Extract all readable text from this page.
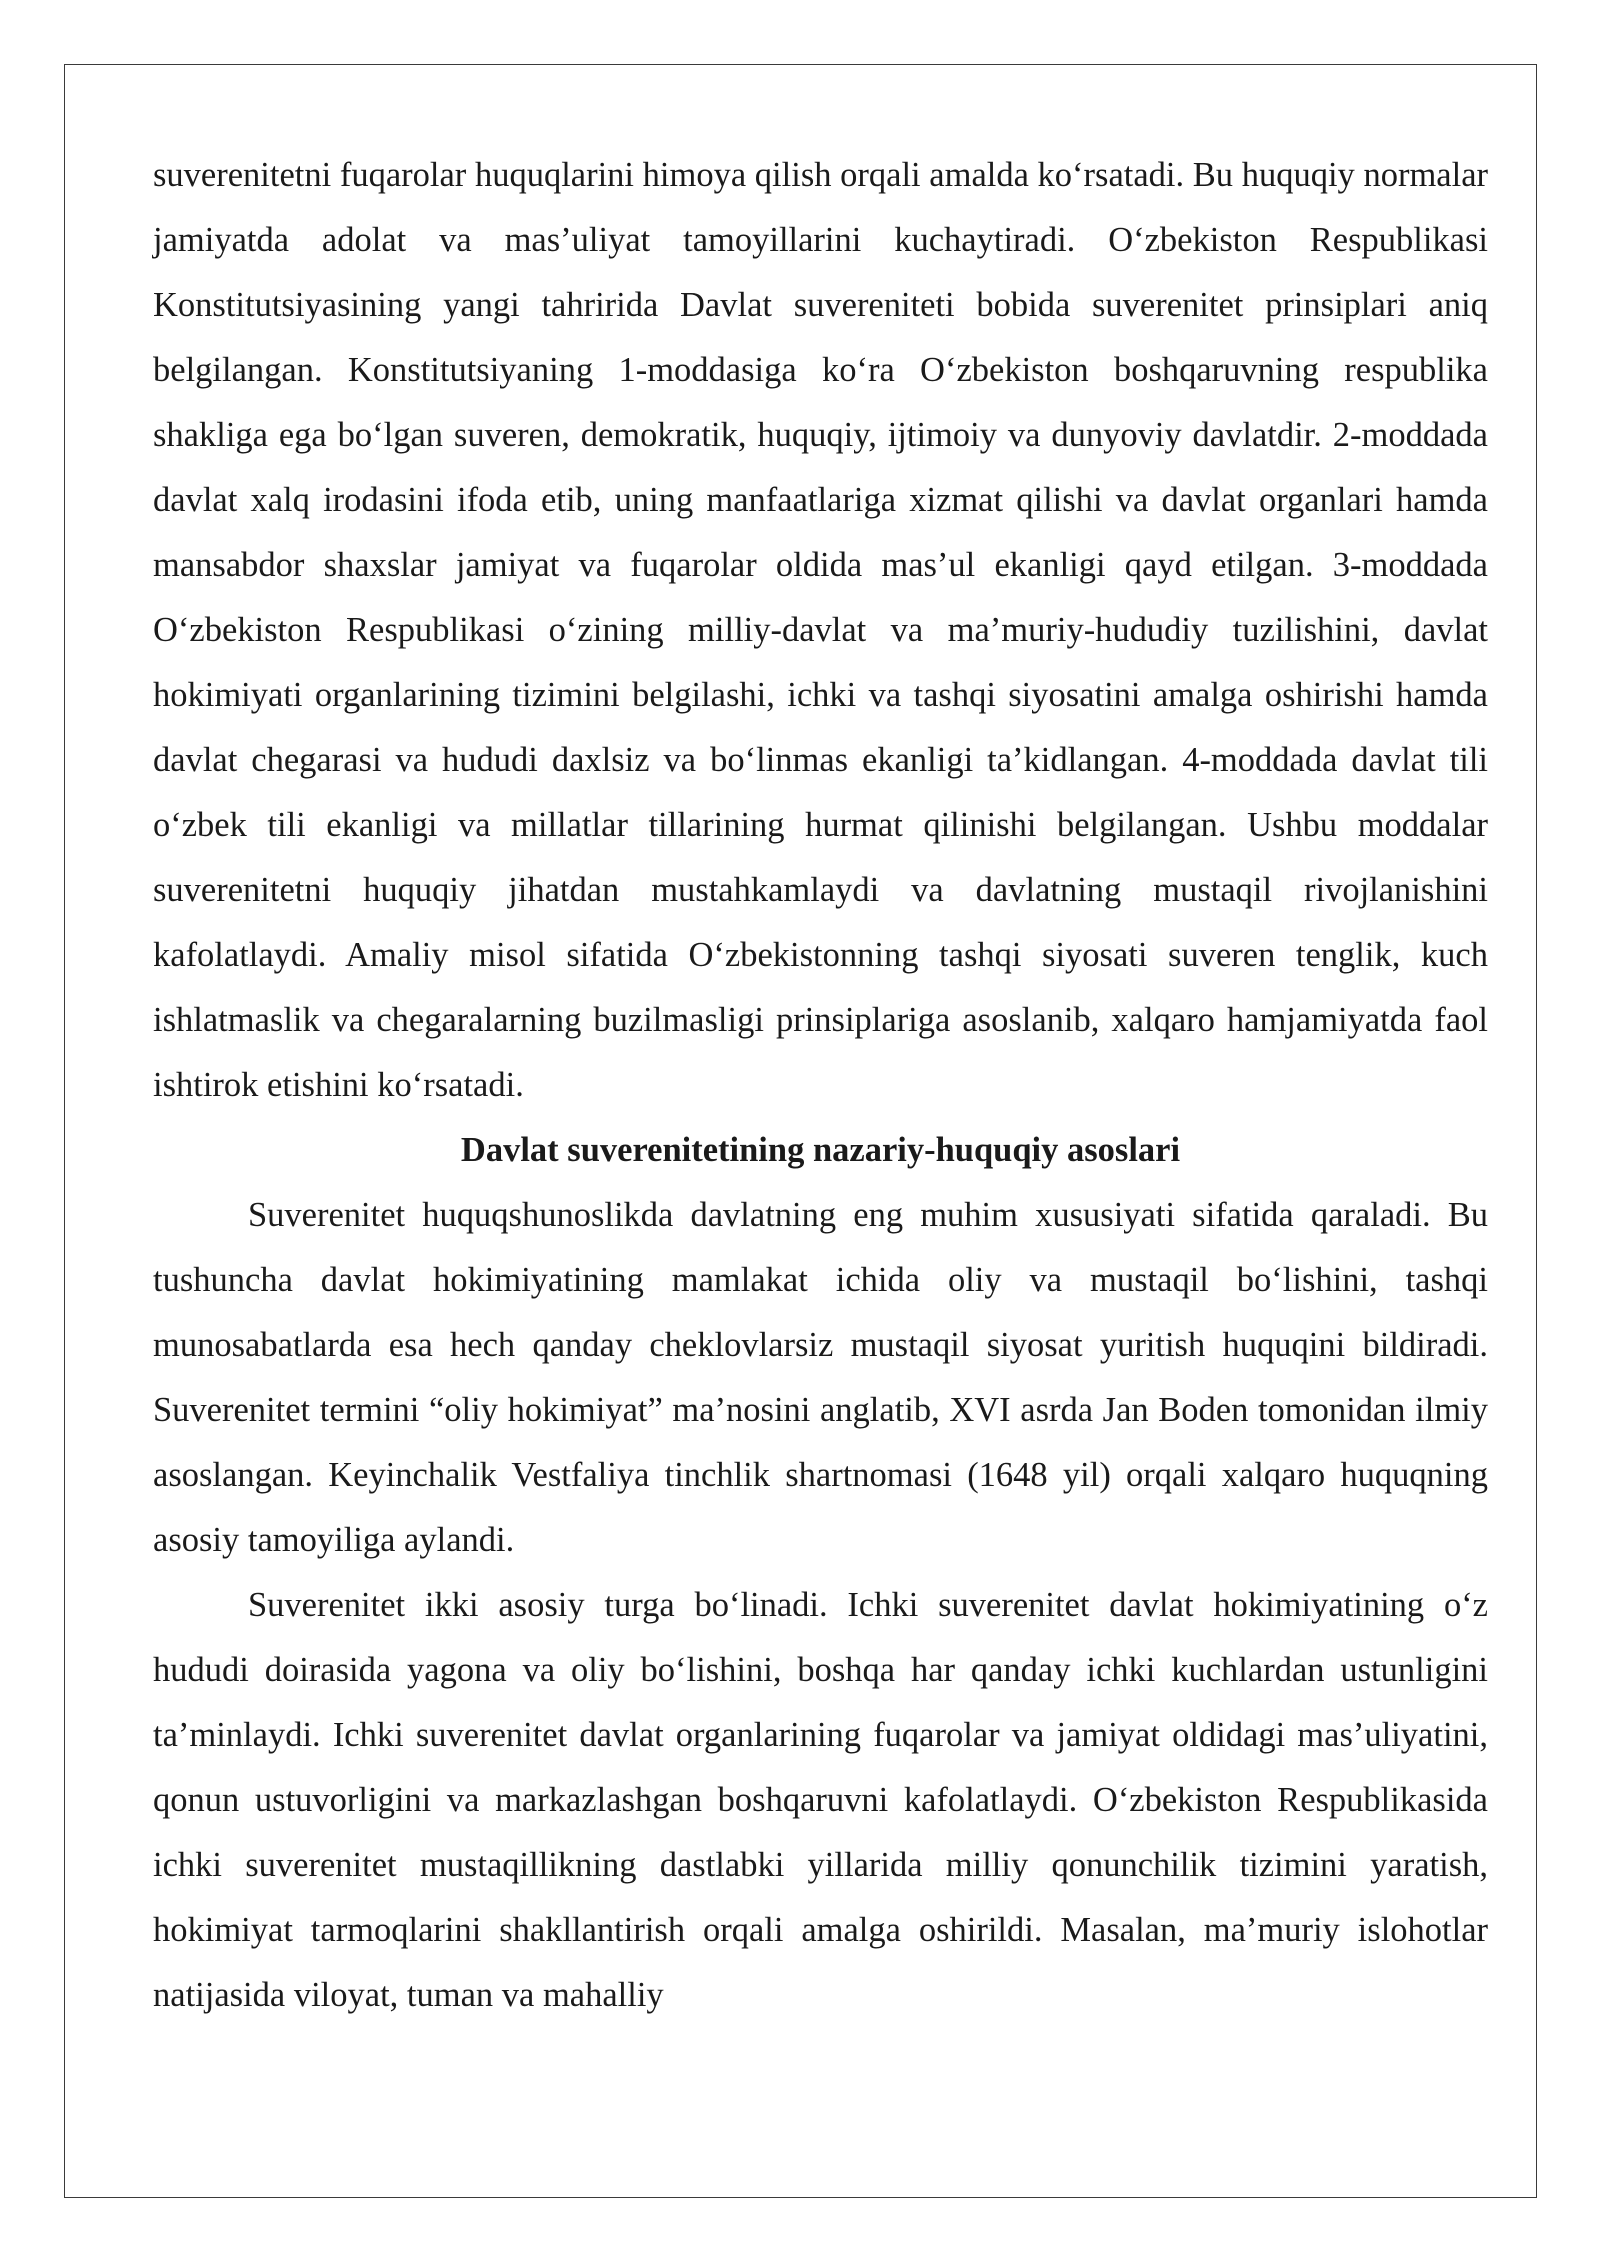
suverenitetni fuqarolar huquqlarini himoya qilish orqali amalda ko‘rsatadi. Bu huquqiy normalar jamiyatda adolat va mas’uliyat tamoyillarini kuchaytiradi. O‘zbekiston Respublikasi Konstitutsiyasining yangi tahririda Davlat suvereniteti bobida suverenitet prinsiplari aniq belgilangan. Konstitutsiyaning 1-moddasiga ko‘ra O‘zbekiston boshqaruvning respublika shakliga ega bo‘lgan suveren, demokratik, huquqiy, ijtimoiy va dunyoviy davlatdir. 2-moddada davlat xalq irodasini ifoda etib, uning manfaatlariga xizmat qilishi va davlat organlari hamda mansabdor shaxslar jamiyat va fuqarolar oldida mas’ul ekanligi qayd etilgan. 3-moddada O‘zbekiston Respublikasi o‘zining milliy-davlat va ma’muriy-hududiy tuzilishini, davlat hokimiyati organlarining tizimini belgilashi, ichki va tashqi siyosatini amalga oshirishi hamda davlat chegarasi va hududi daxlsiz va bo‘linmas ekanligi ta’kidlangan. 4-moddada davlat tili o‘zbek tili ekanligi va millatlar tillarining hurmat qilinishi belgilangan. Ushbu moddalar suverenitetni huquqiy jihatdan mustahkamlaydi va davlatning mustaqil rivojlanishini kafolatlaydi. Amaliy misol sifatida O‘zbekistonning tashqi siyosati suveren tenglik, kuch ishlatmaslik va chegaralarning buzilmasligi prinsiplariga asoslanib, xalqaro hamjamiyatda faol ishtirok etishini ko‘rsatadi.

Davlat suverenitetining nazariy-huquqiy asoslari

Suverenitet huquqshunoslikda davlatning eng muhim xususiyati sifatida qaraladi. Bu tushuncha davlat hokimiyatining mamlakat ichida oliy va mustaqil bo‘lishini, tashqi munosabatlarda esa hech qanday cheklovlarsiz mustaqil siyosat yuritish huquqini bildiradi. Suverenitet termini “oliy hokimiyat” ma’nosini anglatib, XVI asrda Jan Boden tomonidan ilmiy asoslangan. Keyinchalik Vestfaliya tinchlik shartnomasi (1648 yil) orqali xalqaro huquqning asosiy tamoyiliga aylandi.

Suverenitet ikki asosiy turga bo‘linadi. Ichki suverenitet davlat hokimiyatining o‘z hududi doirasida yagona va oliy bo‘lishini, boshqa har qanday ichki kuchlardan ustunligini ta’minlaydi. Ichki suverenitet davlat organlarining fuqarolar va jamiyat oldidagi mas’uliyatini, qonun ustuvorligini va markazlashgan boshqaruvni kafolatlaydi. O‘zbekiston Respublikasida ichki suverenitet mustaqillikning dastlabki yillarida milliy qonunchilik tizimini yaratish, hokimiyat tarmoqlarini shakllantirish orqali amalga oshirildi. Masalan, ma’muriy islohotlar natijasida viloyat, tuman va mahalliy
